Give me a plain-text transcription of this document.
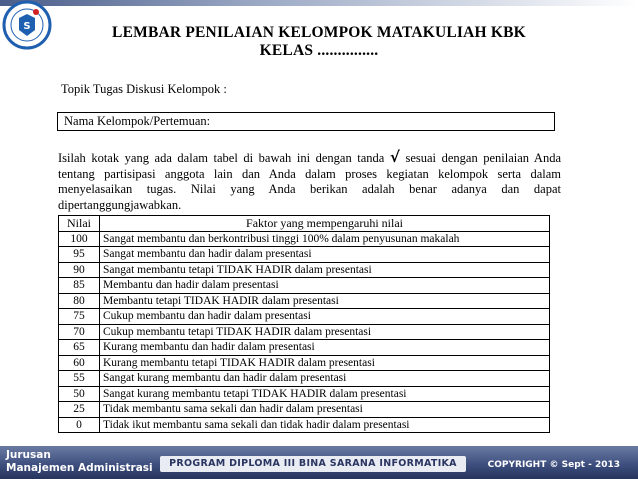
S	LEMBAR PENILAIAN KELOMPOK MATAKULIAH KBK
KELAS ...............
Topik Tugas Diskusi Kelompok :
Nama Kelompok/Pertemuan:
Isilah kotak yang ada dalam tabel di bawah ini dengan tanda √ sesuai dengan penilaian Anda tentang partisipasi anggota lain dan Anda dalam proses kegiatan kelompok serta dalam menyelasaikan tugas. Nilai yang Anda berikan adalah benar adanya dan dapat dipertanggungjawabkan.
Nilai	Faktor yang mempengaruhi nilai
100	Sangat membantu dan berkontribusi tinggi 100% dalam penyusunan makalah
95	Sangat membantu dan hadir dalam presentasi
90	Sangat membantu tetapi TIDAK HADIR dalam presentasi
85	Membantu dan hadir dalam presentasi
80	Membantu tetapi TIDAK HADIR dalam presentasi
75	Cukup membantu dan hadir dalam presentasi
70	Cukup membantu tetapi TIDAK HADIR dalam presentasi
65	Kurang membantu dan hadir dalam presentasi
60	Kurang membantu tetapi TIDAK HADIR dalam presentasi
55	Sangat kurang membantu dan hadir dalam presentasi
50	Sangat kurang membantu tetapi TIDAK HADIR dalam presentasi
25	Tidak membantu sama sekali dan hadir dalam presentasi
0	Tidak ikut membantu sama sekali dan tidak hadir dalam presentasi
Jurusan
Manajemen Administrasi	PROGRAM DIPLOMA III BINA SARANA INFORMATIKA	COPYRIGHT © Sept - 2013
